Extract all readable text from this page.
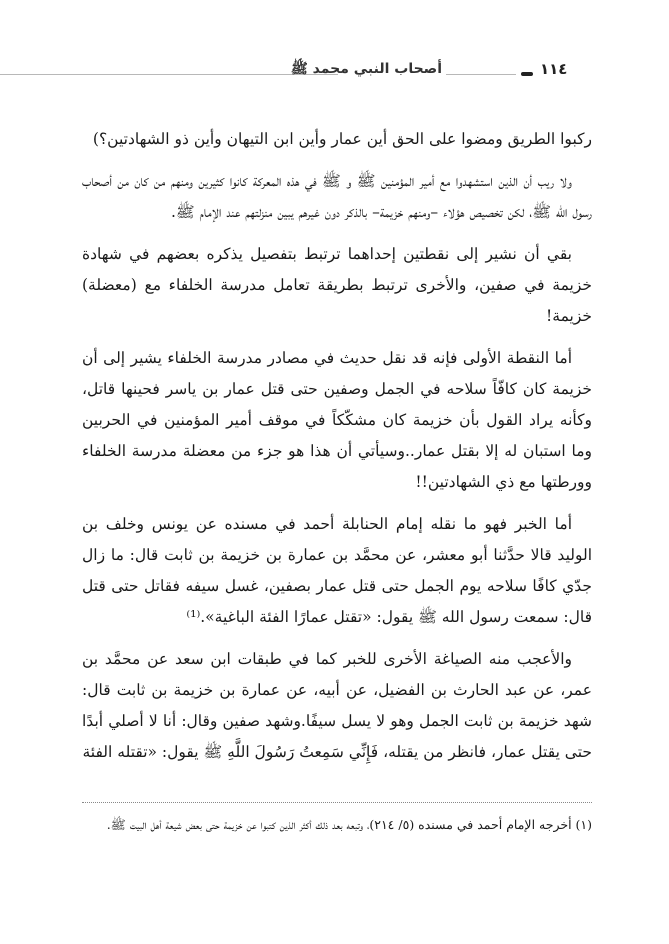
أصحاب النبي محمد ﷺ	١١٤

ركبوا الطريق ومضوا على الحق أين عمار وأين ابن التيهان وأين ذو الشهادتين؟)

ولا ريب أن الذين استشهدوا مع أمير المؤمنين ﷺ و ﷺ في هذه المعركة كانوا كثيرين ومنهم من كان من أصحاب رسول الله ﷺ، لكن تخصيص هؤلاء –ومنهم خزيمة– بالذكر دون غيرهم يبين منزلتهم عند الإمام ﷺ.

بقي أن نشير إلى نقطتين إحداهما ترتبط بتفصيل يذكره بعضهم في شهادة خزيمة في صفين، والأخرى ترتبط بطريقة تعامل مدرسة الخلفاء مع (معضلة) خزيمة!

أما النقطة الأولى فإنه قد نقل حديث في مصادر مدرسة الخلفاء يشير إلى أن خزيمة كان كافّاً سلاحه في الجمل وصفين حتى قتل عمار بن ياسر فحينها قاتل، وكأنه يراد القول بأن خزيمة كان مشكّكاً في موقف أمير المؤمنين في الحربين وما استبان له إلا بقتل عمار..وسيأتي أن هذا هو جزء من معضلة مدرسة الخلفاء وورطتها مع ذي الشهادتين!!

أما الخبر فهو ما نقله إمام الحنابلة أحمد في مسنده عن يونس وخلف بن الوليد قالا حدَّثنا أبو معشر، عن محمَّد بن عمارة بن خزيمة بن ثابت قال: ما زال جدّي كافًا سلاحه يوم الجمل حتى قتل عمار بصفين، غسل سيفه فقاتل حتى قتل قال: سمعت رسول الله ﷺ يقول: «تقتل عمارًا الفئة الباغية».⁽¹⁾

والأعجب منه الصياغة الأخرى للخبر كما في طبقات ابن سعد عن محمَّد بن عمر، عن عبد الحارث بن الفضيل، عن أبيه، عن عمارة بن خزيمة بن ثابت قال: شهد خزيمة بن ثابت الجمل وهو لا يسل سيفًا.وشهد صفين وقال: أنا لا أصلي أبدًا حتى يقتل عمار، فانظر من يقتله، فَإِنِّي سَمِعتُ رَسُولَ اللَّهِ ﷺ يقول: «تقتله الفئة

(١) أخرجه الإمام أحمد في مسنده (٥/ ٢١٤)، وتبعه بعد ذلك أكثر الذين كتبوا عن خزيمة حتى بعض شيعة أهل البيت ﷺ.
